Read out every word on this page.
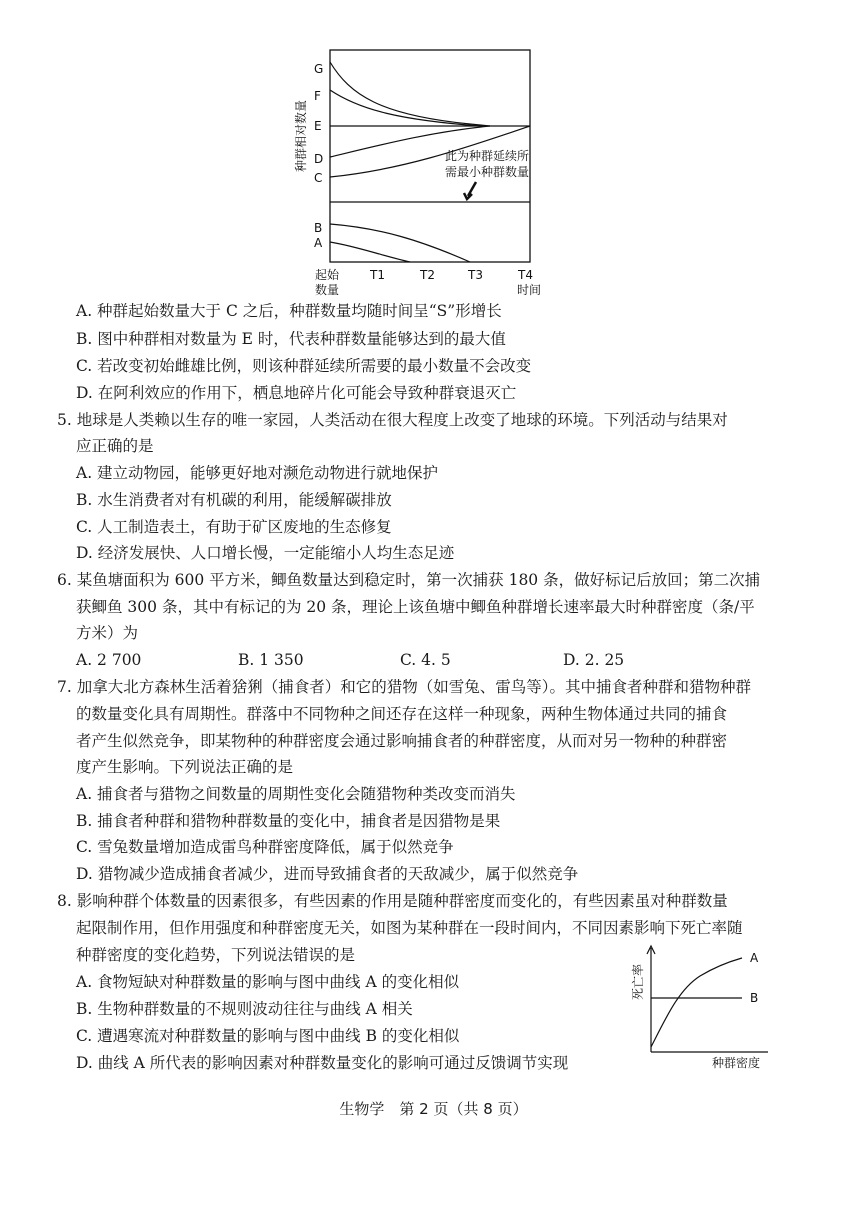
种群相对数量
G
F
E
D
C
B
A
此为种群延续所
需最小种群数量
起始
数量
T1	T2	T3	T4
时间
A. 种群起始数量大于 C 之后，种群数量均随时间呈“S”形增长
B. 图中种群相对数量为 E 时，代表种群数量能够达到的最大值
C. 若改变初始雌雄比例，则该种群延续所需要的最小数量不会改变
D. 在阿利效应的作用下，栖息地碎片化可能会导致种群衰退灭亡
5. 地球是人类赖以生存的唯一家园，人类活动在很大程度上改变了地球的环境。下列活动与结果对
应正确的是
A. 建立动物园，能够更好地对濒危动物进行就地保护
B. 水生消费者对有机碳的利用，能缓解碳排放
C. 人工制造表土，有助于矿区废地的生态修复
D. 经济发展快、人口增长慢，一定能缩小人均生态足迹
6. 某鱼塘面积为 600 平方米，鲫鱼数量达到稳定时，第一次捕获 180 条，做好标记后放回；第二次捕
获鲫鱼 300 条，其中有标记的为 20 条，理论上该鱼塘中鲫鱼种群增长速率最大时种群密度（条/平
方米）为
A. 2 700	B. 1 350	C. 4. 5	D. 2. 25
7. 加拿大北方森林生活着猞猁（捕食者）和它的猎物（如雪兔、雷鸟等）。其中捕食者种群和猎物种群
的数量变化具有周期性。群落中不同物种之间还存在这样一种现象，两种生物体通过共同的捕食
者产生似然竞争，即某物种的种群密度会通过影响捕食者的种群密度，从而对另一物种的种群密
度产生影响。下列说法正确的是
A. 捕食者与猎物之间数量的周期性变化会随猎物种类改变而消失
B. 捕食者种群和猎物种群数量的变化中，捕食者是因猎物是果
C. 雪兔数量增加造成雷鸟种群密度降低，属于似然竞争
D. 猎物减少造成捕食者减少，进而导致捕食者的天敌减少，属于似然竞争
8. 影响种群个体数量的因素很多，有些因素的作用是随种群密度而变化的，有些因素虽对种群数量
起限制作用，但作用强度和种群密度无关，如图为某种群在一段时间内，不同因素影响下死亡率随
种群密度的变化趋势，下列说法错误的是
A. 食物短缺对种群数量的影响与图中曲线 A 的变化相似
B. 生物种群数量的不规则波动往往与曲线 A 相关
C. 遭遇寒流对种群数量的影响与图中曲线 B 的变化相似
D. 曲线 A 所代表的影响因素对种群数量变化的影响可通过反馈调节实现
死亡率
种群密度
A
B
生物学　第 2 页（共 8 页）
